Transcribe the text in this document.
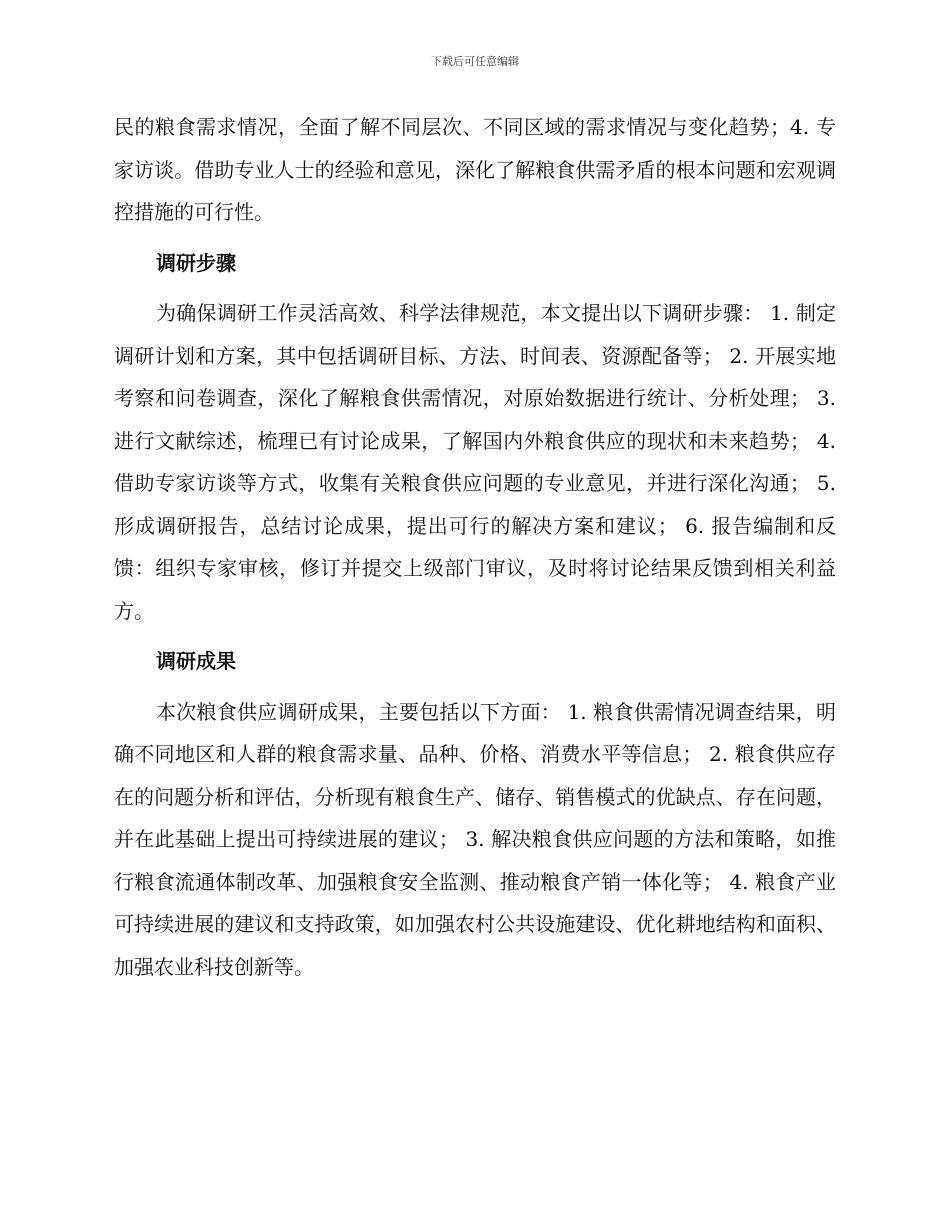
下载后可任意编辑

民的粮食需求情况，全面了解不同层次、不同区域的需求情况与变化趋势；4. 专家访谈。借助专业人士的经验和意见，深化了解粮食供需矛盾的根本问题和宏观调控措施的可行性。

调研步骤

为确保调研工作灵活高效、科学法律规范，本文提出以下调研步骤： 1. 制定调研计划和方案，其中包括调研目标、方法、时间表、资源配备等； 2. 开展实地考察和问卷调查，深化了解粮食供需情况，对原始数据进行统计、分析处理； 3. 进行文献综述，梳理已有讨论成果，了解国内外粮食供应的现状和未来趋势； 4. 借助专家访谈等方式，收集有关粮食供应问题的专业意见，并进行深化沟通； 5. 形成调研报告，总结讨论成果，提出可行的解决方案和建议； 6. 报告编制和反馈：组织专家审核，修订并提交上级部门审议，及时将讨论结果反馈到相关利益方。

调研成果

本次粮食供应调研成果，主要包括以下方面： 1. 粮食供需情况调查结果，明确不同地区和人群的粮食需求量、品种、价格、消费水平等信息； 2. 粮食供应存在的问题分析和评估，分析现有粮食生产、储存、销售模式的优缺点、存在问题，并在此基础上提出可持续进展的建议； 3. 解决粮食供应问题的方法和策略，如推行粮食流通体制改革、加强粮食安全监测、推动粮食产销一体化等； 4. 粮食产业可持续进展的建议和支持政策，如加强农村公共设施建设、优化耕地结构和面积、加强农业科技创新等。
